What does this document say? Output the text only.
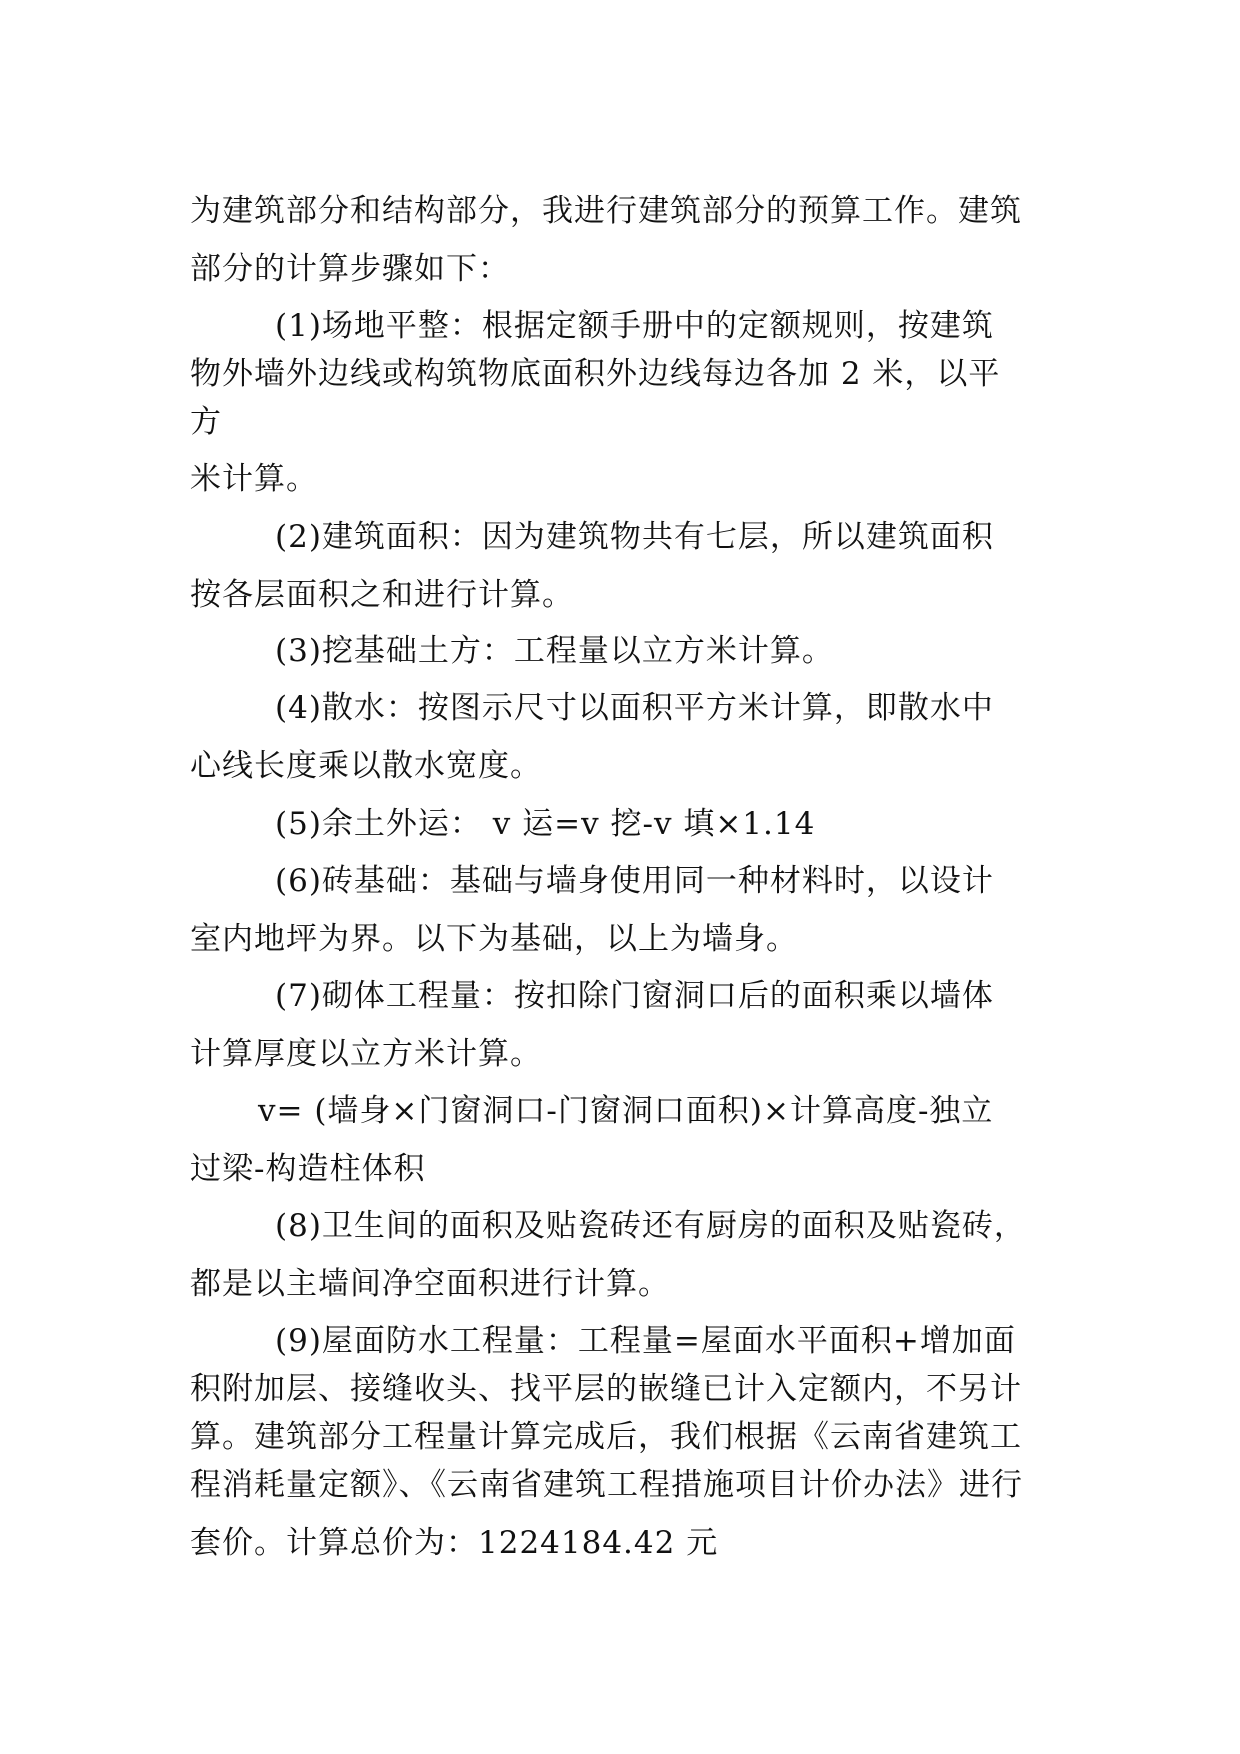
为建筑部分和结构部分，我进行建筑部分的预算工作。建筑

部分的计算步骤如下：

(1)场地平整：根据定额手册中的定额规则，按建筑

物外墙外边线或构筑物底面积外边线每边各加 2 米，以平

方

米计算。

(2)建筑面积：因为建筑物共有七层，所以建筑面积

按各层面积之和进行计算。

(3)挖基础土方：工程量以立方米计算。

(4)散水：按图示尺寸以面积平方米计算，即散水中

心线长度乘以散水宽度。

(5)余土外运： v 运=v 挖-v 填×1.14

(6)砖基础：基础与墙身使用同一种材料时，以设计

室内地坪为界。以下为基础，以上为墙身。

(7)砌体工程量：按扣除门窗洞口后的面积乘以墙体

计算厚度以立方米计算。

v= (墙身×门窗洞口-门窗洞口面积)×计算高度-独立

过梁-构造柱体积

(8)卫生间的面积及贴瓷砖还有厨房的面积及贴瓷砖，

都是以主墙间净空面积进行计算。

(9)屋面防水工程量：工程量=屋面水平面积+增加面

积附加层、接缝收头、找平层的嵌缝已计入定额内，不另计

算。建筑部分工程量计算完成后，我们根据《云南省建筑工

程消耗量定额》、《云南省建筑工程措施项目计价办法》进行

套价。计算总价为：1224184.42 元
